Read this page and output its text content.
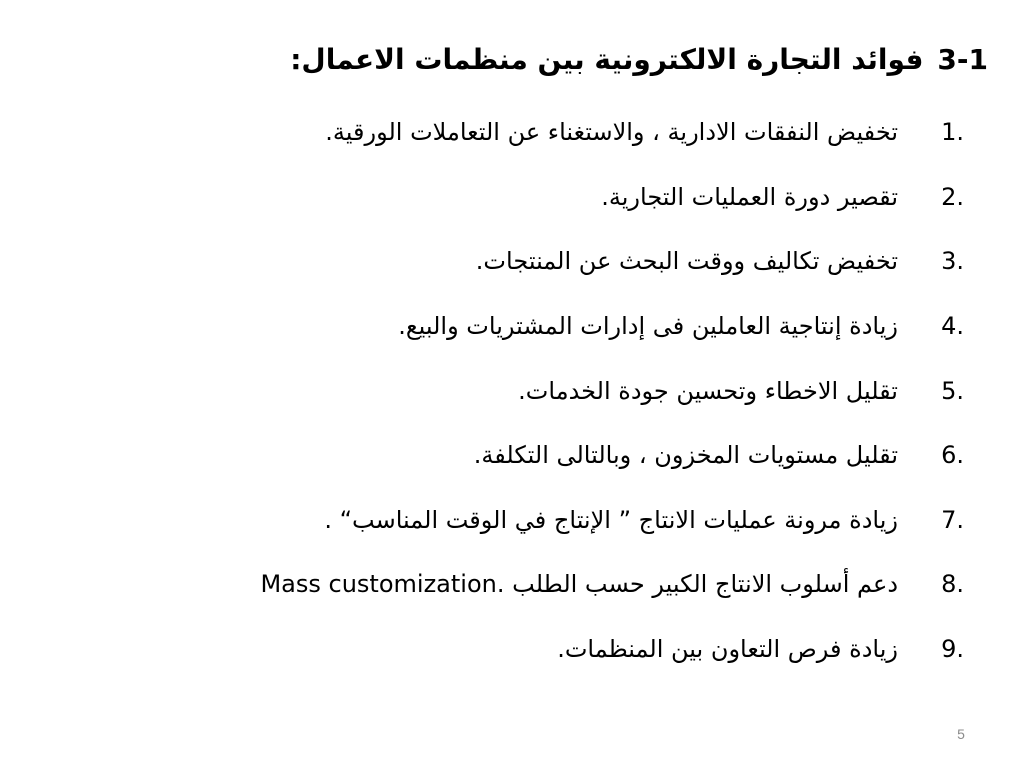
3-1فوائد التجارة الالكترونية بين منظمات الاعمال:
1.
تخفيض النفقات الادارية ، والاستغناء عن التعاملات الورقية.
2.
تقصير دورة العمليات التجارية.
3.
تخفيض تكاليف ووقت البحث عن المنتجات.
4.
زيادة إنتاجية العاملين فى إدارات المشتريات والبيع.
5.
تقليل الاخطاء وتحسين جودة الخدمات.
6.
تقليل مستويات المخزون ، وبالتالى التكلفة.
7.
زيادة مرونة عمليات الانتاج ” الإنتاج في الوقت المناسب“ .
8.
دعم أسلوب الانتاج الكبير حسب الطلب Mass customization.
9.
زيادة فرص التعاون بين المنظمات.
5
